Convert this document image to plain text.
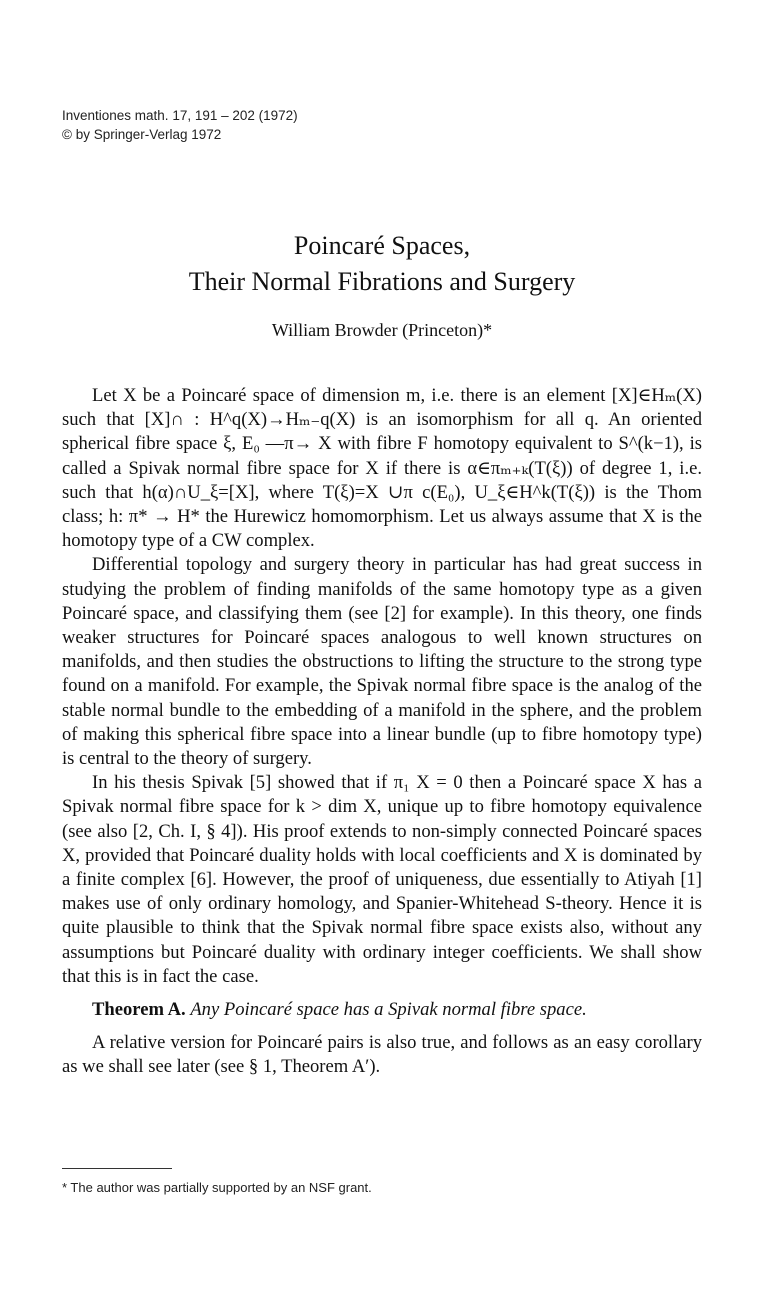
Inventiones math. 17, 191 – 202 (1972)
© by Springer-Verlag 1972
Poincaré Spaces,
Their Normal Fibrations and Surgery
William Browder (Princeton)*

Let X be a Poincaré space of dimension m, i.e. there is an element [X]∈Hₘ(X) such that [X]∩ : H^q(X)→Hₘ₋q(X) is an isomorphism for all q. An oriented spherical fibre space ξ, E₀ —π→ X with fibre F homotopy equivalent to S^(k−1), is called a Spivak normal fibre space for X if there is α∈πₘ₊ₖ(T(ξ)) of degree 1, i.e. such that h(α)∩U_ξ=[X], where T(ξ)=X ∪π c(E₀), U_ξ∈H^k(T(ξ)) is the Thom class; h: π* → H* the Hurewicz homomorphism. Let us always assume that X is the homotopy type of a CW complex.

Differential topology and surgery theory in particular has had great success in studying the problem of finding manifolds of the same homotopy type as a given Poincaré space, and classifying them (see [2] for example). In this theory, one finds weaker structures for Poincaré spaces analogous to well known structures on manifolds, and then studies the obstructions to lifting the structure to the strong type found on a manifold. For example, the Spivak normal fibre space is the analog of the stable normal bundle to the embedding of a manifold in the sphere, and the problem of making this spherical fibre space into a linear bundle (up to fibre homotopy type) is central to the theory of surgery.

In his thesis Spivak [5] showed that if π₁ X = 0 then a Poincaré space X has a Spivak normal fibre space for k > dim X, unique up to fibre homotopy equivalence (see also [2, Ch. I, § 4]). His proof extends to non-simply connected Poincaré spaces X, provided that Poincaré duality holds with local coefficients and X is dominated by a finite complex [6]. However, the proof of uniqueness, due essentially to Atiyah [1] makes use of only ordinary homology, and Spanier-Whitehead S-theory. Hence it is quite plausible to think that the Spivak normal fibre space exists also, without any assumptions but Poincaré duality with ordinary integer coefficients. We shall show that this is in fact the case.

Theorem A. Any Poincaré space has a Spivak normal fibre space.

A relative version for Poincaré pairs is also true, and follows as an easy corollary as we shall see later (see § 1, Theorem A′).

* The author was partially supported by an NSF grant.
